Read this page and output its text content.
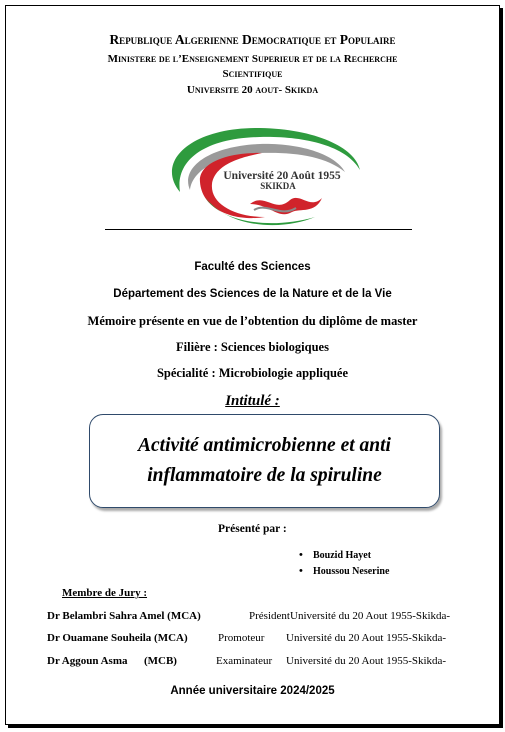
Republique Algerienne Democratique et Populaire
Ministere de l’Enseignement Superieur et de la Recherche
Scientifique
Universite 20 aout- Skikda
Université 20 Août 1955
SKIKDA
Faculté des Sciences
Département des Sciences de la Nature et de la Vie
Mémoire présente en vue de l’obtention du diplôme de master
Filière : Sciences biologiques
Spécialité : Microbiologie appliquée
Intitulé :
Activité antimicrobienne et anti
inflammatoire de la spiruline
Présenté par :
• Bouzid Hayet
• Houssou Neserine
Membre de Jury :
Dr Belambri Sahra Amel (MCA)	Président Université du 20 Aout 1955-Skikda-
Dr Ouamane Souheila (MCA)	Promoteur Université du 20 Aout 1955-Skikda-
Dr Aggoun Asma      (MCB)	Examinateur Université du 20 Aout 1955-Skikda-
Année universitaire 2024/2025
